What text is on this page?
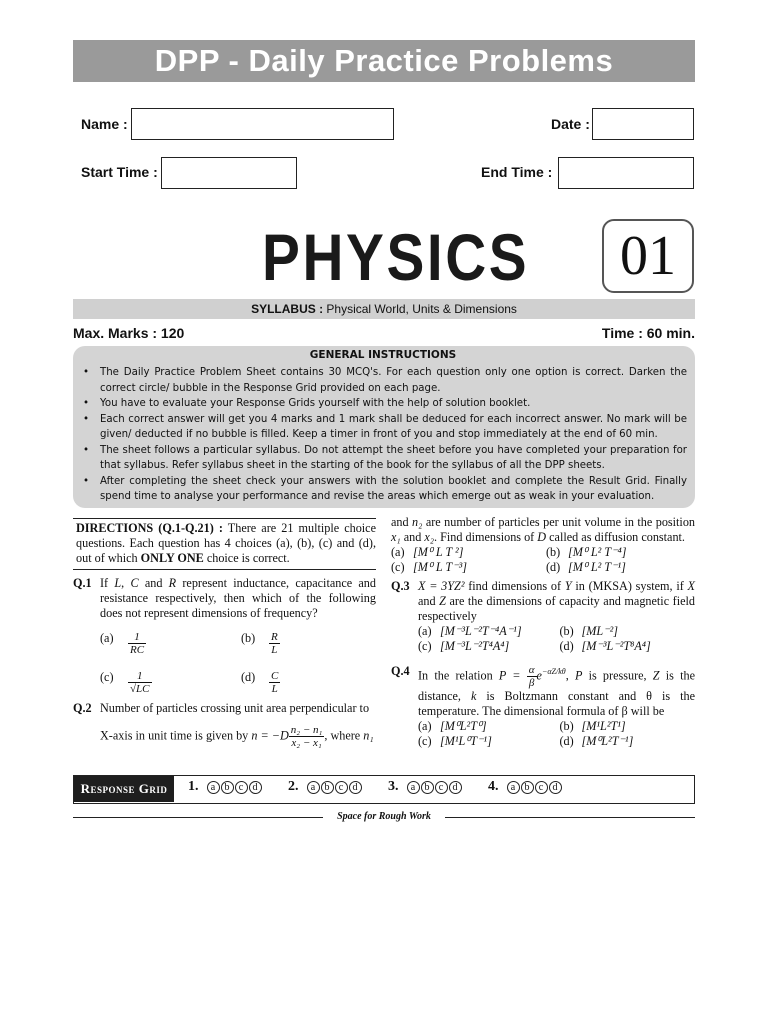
DPP - Daily Practice Problems
Name :	Date :
Start Time :	End Time :
PHYSICS	01
SYLLABUS : Physical World, Units & Dimensions
Max. Marks : 120	Time : 60 min.
GENERAL INSTRUCTIONS
• The Daily Practice Problem Sheet contains 30 MCQ's. For each question only one option is correct. Darken the correct circle/ bubble in the Response Grid provided on each page.
• You have to evaluate your Response Grids yourself with the help of solution booklet.
• Each correct answer will get you 4 marks and 1 mark shall be deduced for each incorrect answer. No mark will be given/ deducted if no bubble is filled. Keep a timer in front of you and stop immediately at the end of 60 min.
• The sheet follows a particular syllabus. Do not attempt the sheet before you have completed your preparation for that syllabus. Refer syllabus sheet in the starting of the book for the syllabus of all the DPP sheets.
• After completing the sheet check your answers with the solution booklet and complete the Result Grid. Finally spend time to analyse your performance and revise the areas which emerge out as weak in your evaluation.
DIRECTIONS (Q.1-Q.21) : There are 21 multiple choice questions. Each question has 4 choices (a), (b), (c) and (d), out of which ONLY ONE choice is correct.
Q.1 If L, C and R represent inductance, capacitance and resistance respectively, then which of the following does not represent dimensions of frequency?
$(a) \frac{1}{RC}$	$(b) \frac{R}{L}$
$(c) \frac{1}{√LC}$	$(d) \frac{C}{L}$
Q.2 Number of particles crossing unit area perpendicular to
X-axis in unit time is given by $n = -D \frac{\text{n₂ − n₁}}{\text{x₂ − x₁}}$ , where n₁
and n₂ are number of particles per unit volume in the position x₁ and x₂. Find dimensions of D called as diffusion constant.
(a) [M⁰ L T ²]	(b) [M⁰ L² T⁻⁴]
(c) [M⁰ L T⁻³]	(d) [M⁰ L² T⁻¹]
Q.3 X = 3YZ² find dimensions of Y in (MKSA) system, if X and Z are the dimensions of capacity and magnetic field respectively
(a) [M⁻³L⁻²T⁻⁴A⁻¹]	(b) [ML⁻²]
(c) [M⁻³L⁻²T⁴A⁴]	(d) [M⁻³L⁻²T⁸A⁴]
Q.4 In the relation $P = \frac{\alpha}{\beta} e^{-\alpha Z/k\theta}$, P is pressure, Z is the distance, k is Boltzmann constant and θ is the temperature. The dimensional formula of β will be
(a) [M⁰L²T⁰]	(b) [M¹L²T¹]
(c) [M¹L⁰T⁻¹]	(d) [M⁰L²T⁻¹]
Response Grid	1.	a b c d 2.	a b c d 3.	a b c d 4.	a b c d
Space for Rough Work
